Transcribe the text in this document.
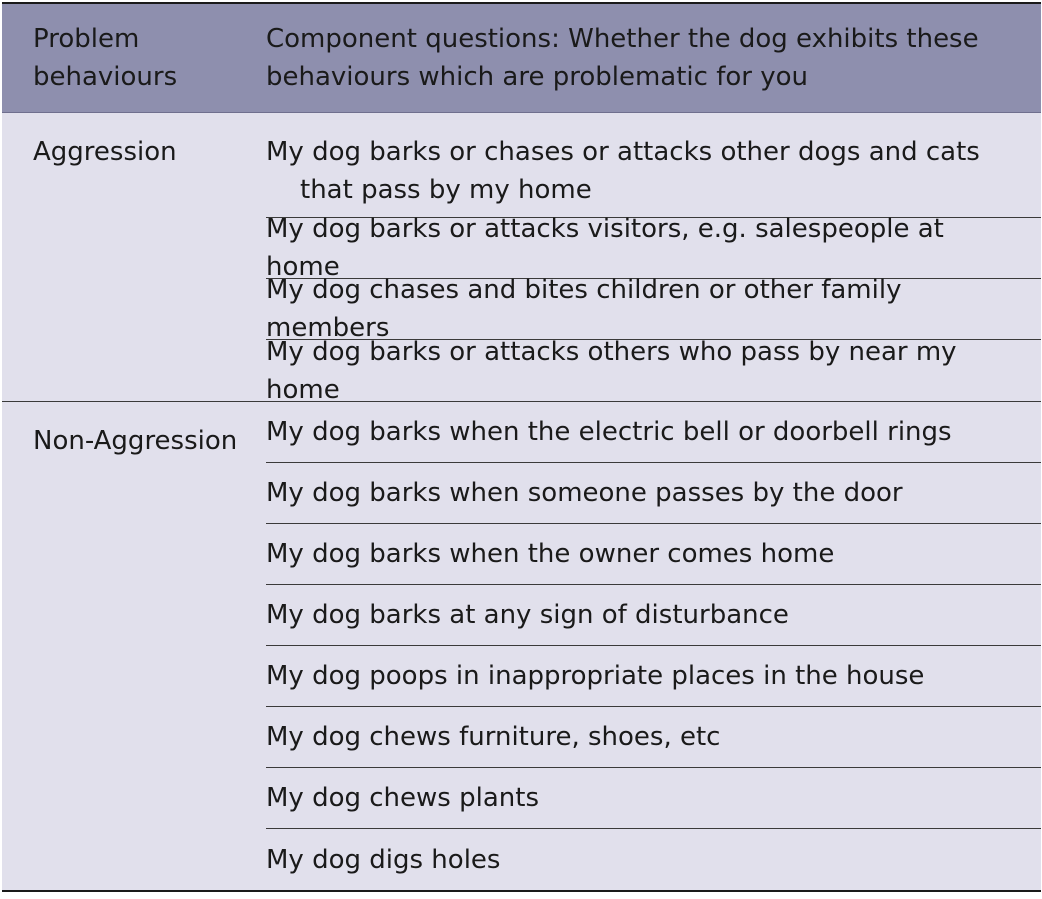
Problem
behaviours
Component questions: Whether the dog exhibits these
behaviours which are problematic for you
Aggression	My dog barks or chases or attacks other dogs and cats that pass by my home
My dog barks or attacks visitors, e.g. salespeople at home
My dog chases and bites children or other family members
My dog barks or attacks others who pass by near my home
Non-Aggression	My dog barks when the electric bell or doorbell rings
My dog barks when someone passes by the door
My dog barks when the owner comes home
My dog barks at any sign of disturbance
My dog poops in inappropriate places in the house
My dog chews furniture, shoes, etc
My dog chews plants
My dog digs holes
